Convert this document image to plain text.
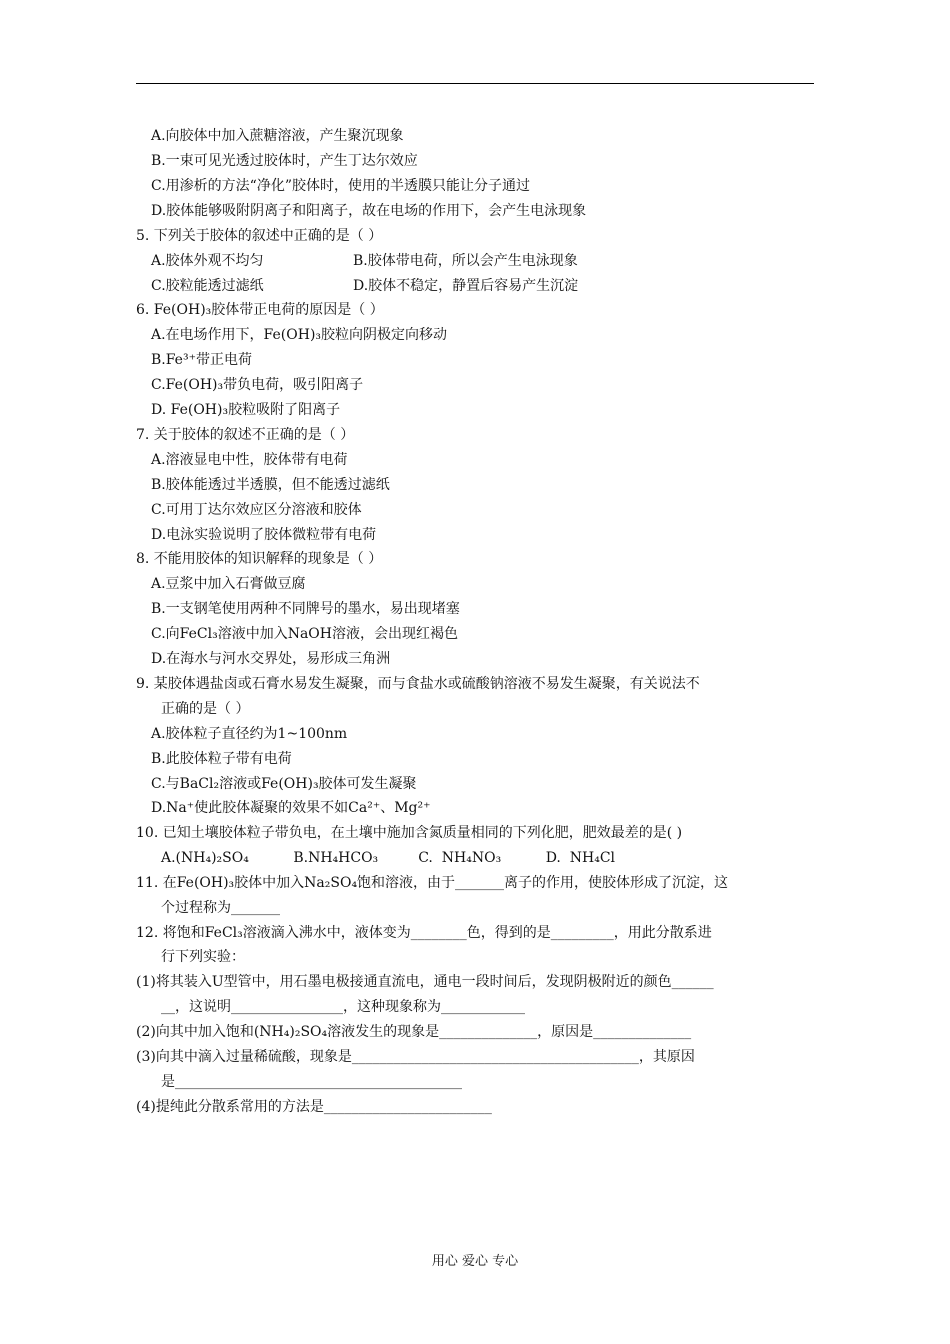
A.向胶体中加入蔗糖溶液，产生聚沉现象
B.一束可见光透过胶体时，产生丁达尔效应
C.用渗析的方法“净化”胶体时，使用的半透膜只能让分子通过
D.胶体能够吸附阴离子和阳离子，故在电场的作用下，会产生电泳现象
5. 下列关于胶体的叙述中正确的是（ ）
A.胶体外观不均匀	B.胶体带电荷，所以会产生电泳现象
C.胶粒能透过滤纸	D.胶体不稳定，静置后容易产生沉淀
6. Fe(OH)₃胶体带正电荷的原因是（ ）
A.在电场作用下，Fe(OH)₃胶粒向阴极定向移动
B.Fe³⁺带正电荷
C.Fe(OH)₃带负电荷，吸引阳离子
D. Fe(OH)₃胶粒吸附了阳离子
7. 关于胶体的叙述不正确的是（ ）
A.溶液显电中性，胶体带有电荷
B.胶体能透过半透膜，但不能透过滤纸
C.可用丁达尔效应区分溶液和胶体
D.电泳实验说明了胶体微粒带有电荷
8. 不能用胶体的知识解释的现象是（ ）
A.豆浆中加入石膏做豆腐
B.一支钢笔使用两种不同牌号的墨水，易出现堵塞
C.向FeCl₃溶液中加入NaOH溶液，会出现红褐色
D.在海水与河水交界处，易形成三角洲
9. 某胶体遇盐卤或石膏水易发生凝聚，而与食盐水或硫酸钠溶液不易发生凝聚，有关说法不
正确的是（ ）
A.胶体粒子直径约为1~100nm
B.此胶体粒子带有电荷
C.与BaCl₂溶液或Fe(OH)₃胶体可发生凝聚
D.Na⁺使此胶体凝聚的效果不如Ca²⁺、Mg²⁺
10. 已知土壤胶体粒子带负电，在土壤中施加含氮质量相同的下列化肥，肥效最差的是( )
A.(NH₄)₂SO₄          B.NH₄HCO₃         C.  NH₄NO₃          D.  NH₄Cl
11. 在Fe(OH)₃胶体中加入Na₂SO₄饱和溶液，由于_______离子的作用，使胶体形成了沉淀，这
个过程称为_______
12. 将饱和FeCl₃溶液滴入沸水中，液体变为________色，得到的是_________，用此分散系进
行下列实验：
(1)将其装入U型管中，用石墨电极接通直流电，通电一段时间后，发现阴极附近的颜色______
__，这说明________________，这种现象称为____________
(2)向其中加入饱和(NH₄)₂SO₄溶液发生的现象是______________，原因是______________
(3)向其中滴入过量稀硫酸，现象是_________________________________________，其原因
是_________________________________________
(4)提纯此分散系常用的方法是________________________
用心 爱心 专心
